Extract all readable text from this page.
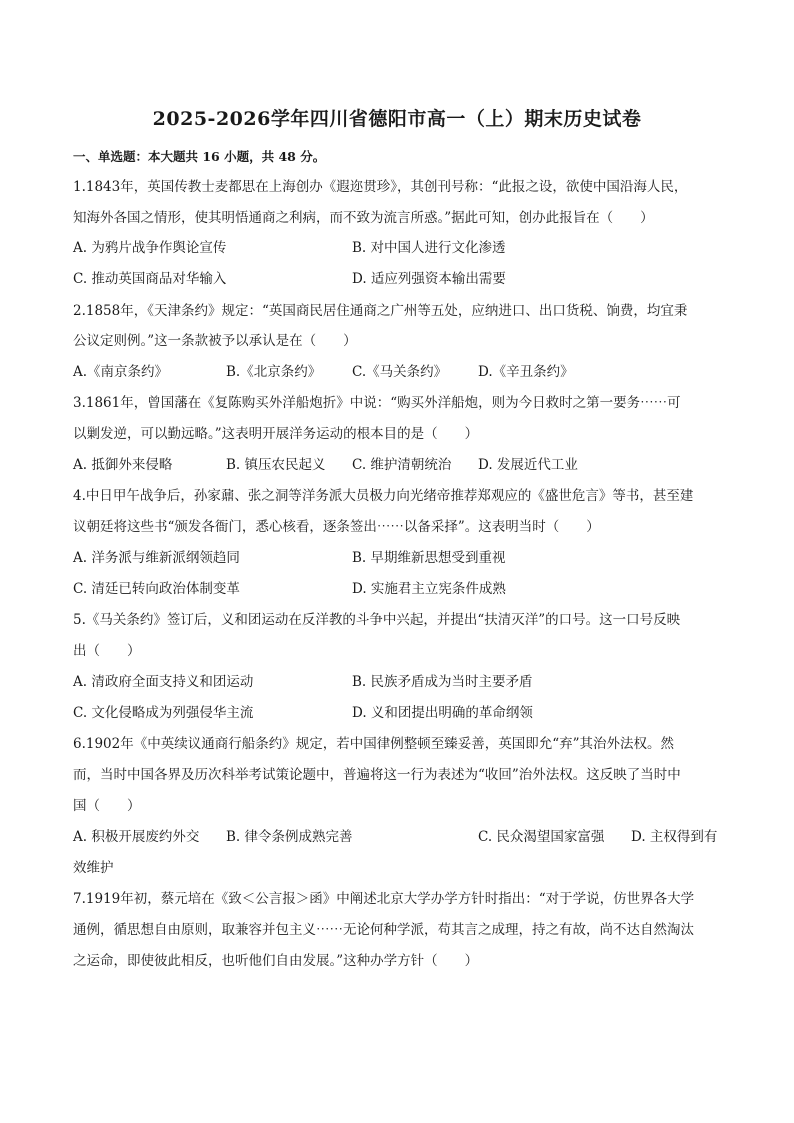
2025-2026学年四川省德阳市高一（上）期末历史试卷
一、单选题：本大题共 16 小题，共 48 分。
1.1843年，英国传教士麦都思在上海创办《遐迩贯珍》，其创刊号称：“此报之设，欲使中国沿海人民，
知海外各国之情形，使其明悟通商之利病，而不致为流言所惑。”据此可知，创办此报旨在（　　）
A. 为鸦片战争作舆论宣传	B. 对中国人进行文化渗透
C. 推动英国商品对华输入	D. 适应列强资本输出需要
2.1858年，《天津条约》规定：“英国商民居住通商之广州等五处，应纳进口、出口货税、饷费，均宜秉
公议定则例。”这一条款被予以承认是在（　　）
A.《南京条约》	B.《北京条约》 C.《马关条约》 D.《辛丑条约》
3.1861年，曾国藩在《复陈购买外洋船炮折》中说：“购买外洋船炮，则为今日救时之第一要务⋯⋯可
以剿发逆，可以勤远略。”这表明开展洋务运动的根本目的是（　　）
A. 抵御外来侵略	B. 镇压农民起义 C. 维护清朝统治 D. 发展近代工业
4.中日甲午战争后，孙家鼐、张之洞等洋务派大员极力向光绪帝推荐郑观应的《盛世危言》等书，甚至建
议朝廷将这些书“颁发各衙门，悉心核看，逐条签出⋯⋯以备采择”。这表明当时（　　）
A. 洋务派与维新派纲领趋同	B. 早期维新思想受到重视
C. 清廷已转向政治体制变革	D. 实施君主立宪条件成熟
5.《马关条约》签订后，义和团运动在反洋教的斗争中兴起，并提出“扶清灭洋”的口号。这一口号反映
出（　　）
A. 清政府全面支持义和团运动	B. 民族矛盾成为当时主要矛盾
C. 文化侵略成为列强侵华主流	D. 义和团提出明确的革命纲领
6.1902年《中英续议通商行船条约》规定，若中国律例整顿至臻妥善，英国即允“弃”其治外法权。然
而，当时中国各界及历次科举考试策论题中，普遍将这一行为表述为“收回”治外法权。这反映了当时中
国（　　）
A. 积极开展废约外交 B. 律令条例成熟完善	C. 民众渴望国家富强 D. 主权得到有
效维护
7.1919年初，蔡元培在《致＜公言报＞函》中阐述北京大学办学方针时指出：“对于学说，仿世界各大学
通例，循思想自由原则，取兼容并包主义⋯⋯无论何种学派，苟其言之成理，持之有故，尚不达自然淘汰
之运命，即使彼此相反，也听他们自由发展。”这种办学方针（　　）
